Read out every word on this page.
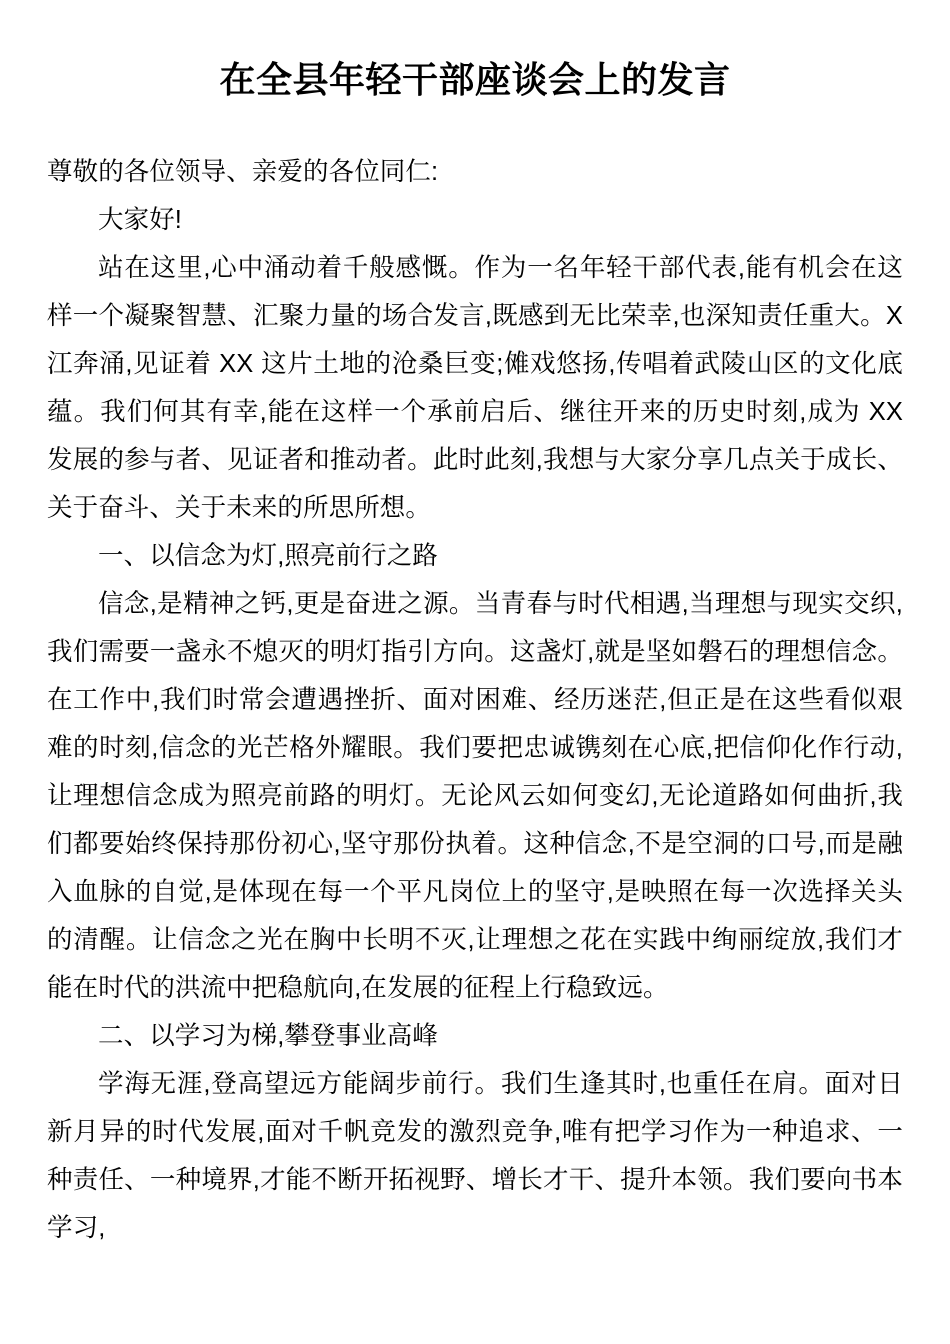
在全县年轻干部座谈会上的发言

尊敬的各位领导、亲爱的各位同仁:

大家好!

站在这里,心中涌动着千般感慨。作为一名年轻干部代表,能有机会在这样一个凝聚智慧、汇聚力量的场合发言,既感到无比荣幸,也深知责任重大。X 江奔涌,见证着 XX 这片土地的沧桑巨变;傩戏悠扬,传唱着武陵山区的文化底蕴。我们何其有幸,能在这样一个承前启后、继往开来的历史时刻,成为 XX 发展的参与者、见证者和推动者。此时此刻,我想与大家分享几点关于成长、关于奋斗、关于未来的所思所想。

一、以信念为灯,照亮前行之路

信念,是精神之钙,更是奋进之源。当青春与时代相遇,当理想与现实交织,我们需要一盏永不熄灭的明灯指引方向。这盏灯,就是坚如磐石的理想信念。在工作中,我们时常会遭遇挫折、面对困难、经历迷茫,但正是在这些看似艰难的时刻,信念的光芒格外耀眼。我们要把忠诚镌刻在心底,把信仰化作行动,让理想信念成为照亮前路的明灯。无论风云如何变幻,无论道路如何曲折,我们都要始终保持那份初心,坚守那份执着。这种信念,不是空洞的口号,而是融入血脉的自觉,是体现在每一个平凡岗位上的坚守,是映照在每一次选择关头的清醒。让信念之光在胸中长明不灭,让理想之花在实践中绚丽绽放,我们才能在时代的洪流中把稳航向,在发展的征程上行稳致远。

二、以学习为梯,攀登事业高峰

学海无涯,登高望远方能阔步前行。我们生逢其时,也重任在肩。面对日新月异的时代发展,面对千帆竞发的激烈竞争,唯有把学习作为一种追求、一种责任、一种境界,才能不断开拓视野、增长才干、提升本领。我们要向书本学习,
